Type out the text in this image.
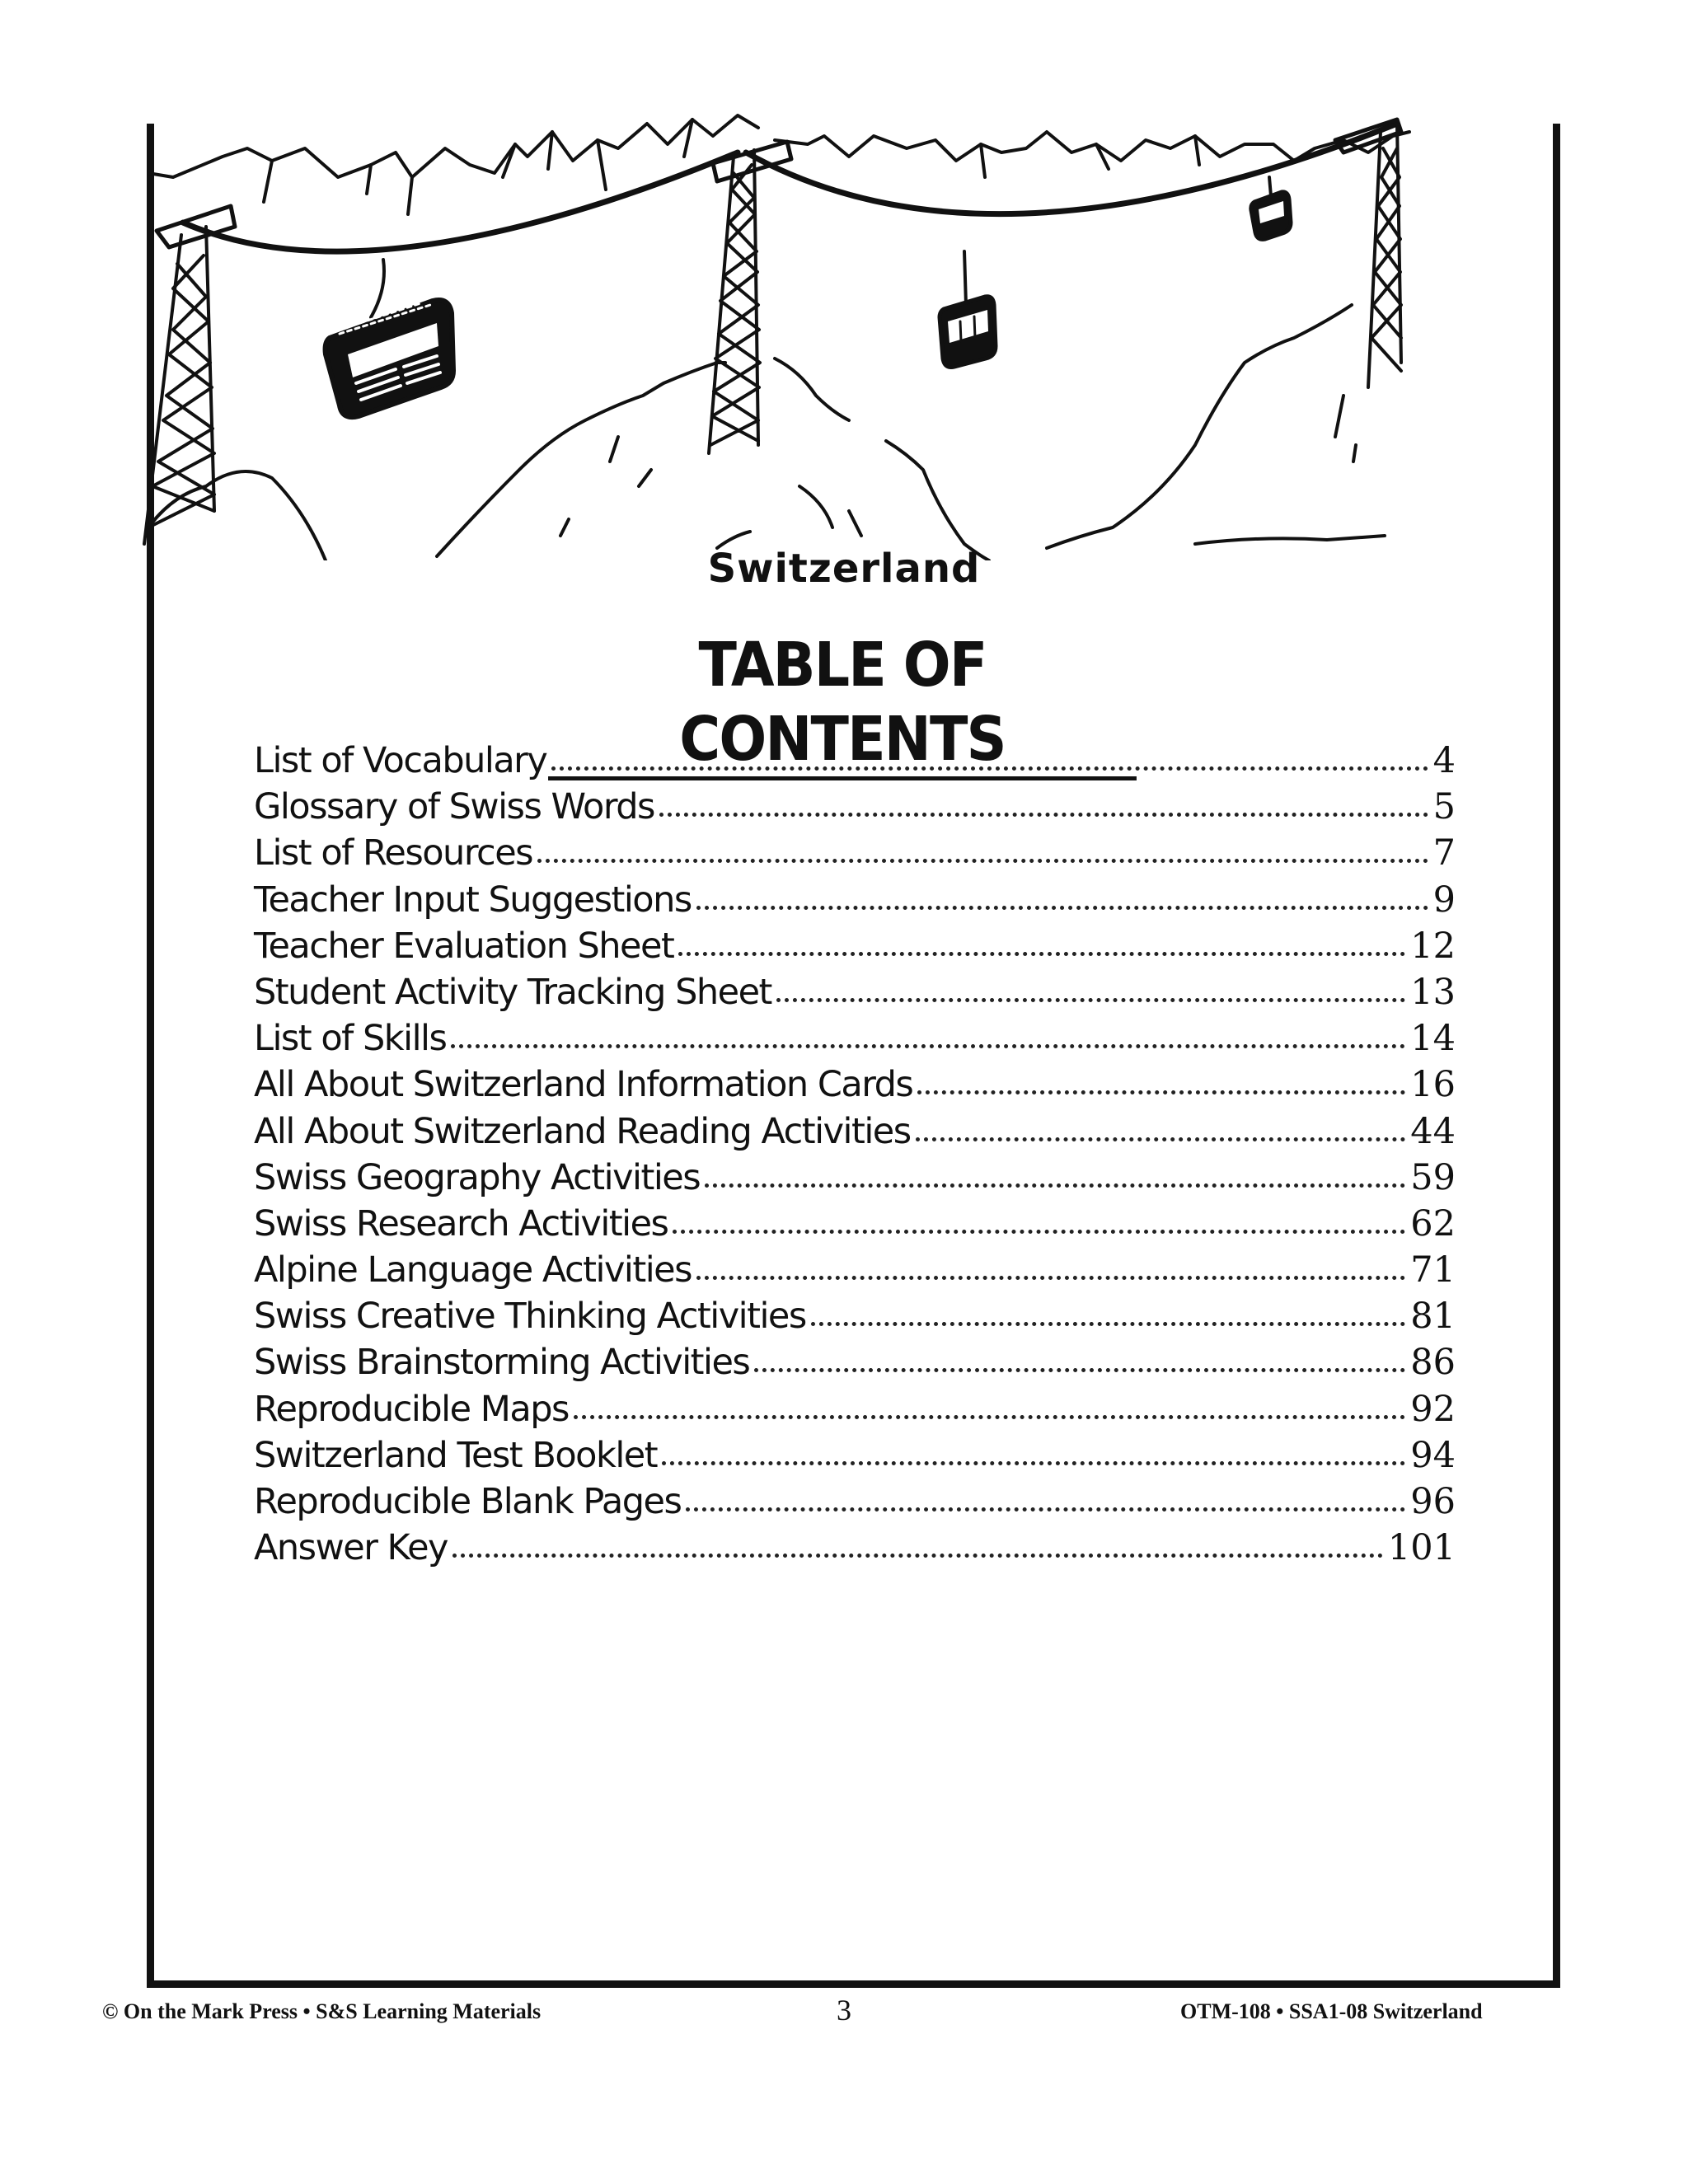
Switzerland
TABLE OF CONTENTS
List of Vocabulary	4
Glossary of Swiss Words	5
List of Resources	7
Teacher Input Suggestions	9
Teacher Evaluation Sheet	12
Student Activity Tracking Sheet	13
List of Skills	14
All About Switzerland Information Cards	16
All About Switzerland Reading Activities	44
Swiss Geography Activities	59
Swiss Research Activities	62
Alpine Language Activities	71
Swiss Creative Thinking Activities	81
Swiss Brainstorming Activities	86
Reproducible Maps	92
Switzerland Test Booklet	94
Reproducible Blank Pages	96
Answer Key	101
© On the Mark Press • S&S Learning Materials	3	OTM-108 • SSA1-08 Switzerland
